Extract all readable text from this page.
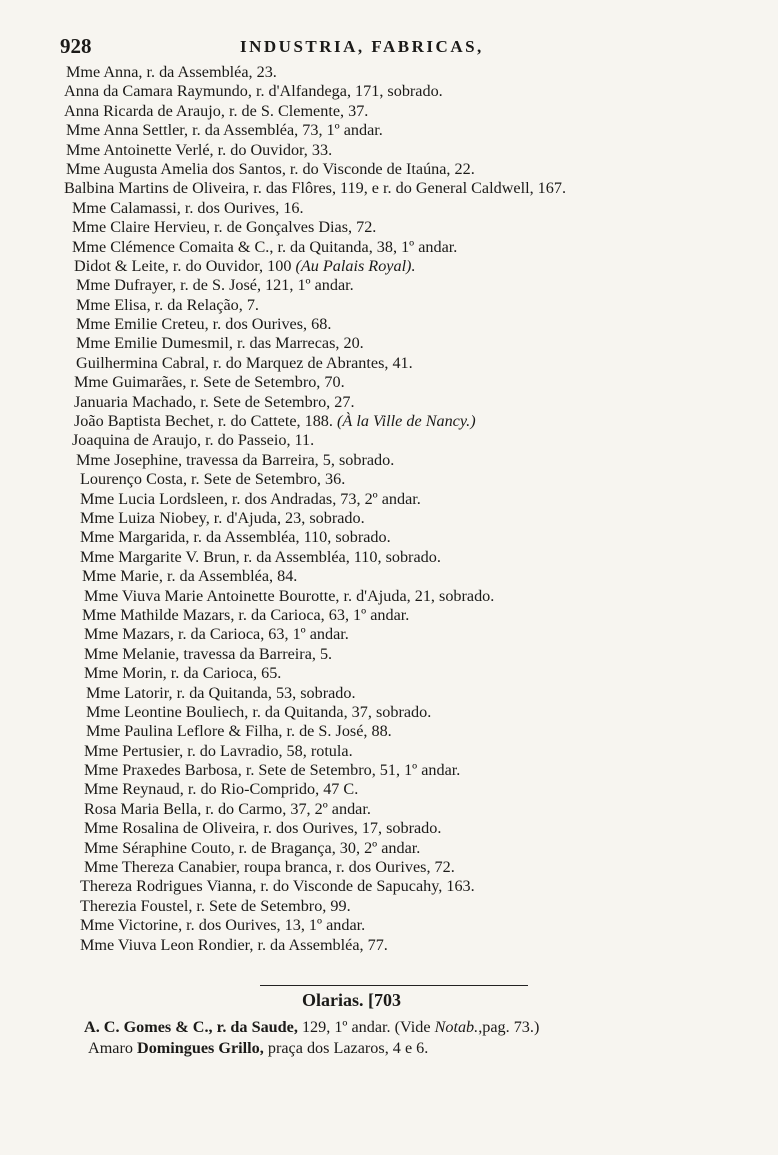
928	INDUSTRIA, FABRICAS,
Mme Anna, r. da Assembléa, 23.
Anna da Camara Raymundo, r. d'Alfandega, 171, sobrado.
Anna Ricarda de Araujo, r. de S. Clemente, 37.
Mme Anna Settler, r. da Assembléa, 73, 1º andar.
Mme Antoinette Verlé, r. do Ouvidor, 33.
Mme Augusta Amelia dos Santos, r. do Visconde de Itaúna, 22.
Balbina Martins de Oliveira, r. das Flôres, 119, e r. do General Caldwell, 167.
Mme Calamassi, r. dos Ourives, 16.
Mme Claire Hervieu, r. de Gonçalves Dias, 72.
Mme Clémence Comaita & C., r. da Quitanda, 38, 1º andar.
Didot & Leite, r. do Ouvidor, 100 (Au Palais Royal).
Mme Dufrayer, r. de S. José, 121, 1º andar.
Mme Elisa, r. da Relação, 7.
Mme Emilie Creteu, r. dos Ourives, 68.
Mme Emilie Dumesmil, r. das Marrecas, 20.
Guilhermina Cabral, r. do Marquez de Abrantes, 41.
Mme Guimarães, r. Sete de Setembro, 70.
Januaria Machado, r. Sete de Setembro, 27.
João Baptista Bechet, r. do Cattete, 188. (À la Ville de Nancy.)
Joaquina de Araujo, r. do Passeio, 11.
Mme Josephine, travessa da Barreira, 5, sobrado.
Lourenço Costa, r. Sete de Setembro, 36.
Mme Lucia Lordsleen, r. dos Andradas, 73, 2º andar.
Mme Luiza Niobey, r. d'Ajuda, 23, sobrado.
Mme Margarida, r. da Assembléa, 110, sobrado.
Mme Margarite V. Brun, r. da Assembléa, 110, sobrado.
Mme Marie, r. da Assembléa, 84.
Mme Viuva Marie Antoinette Bourotte, r. d'Ajuda, 21, sobrado.
Mme Mathilde Mazars, r. da Carioca, 63, 1º andar.
Mme Mazars, r. da Carioca, 63, 1º andar.
Mme Melanie, travessa da Barreira, 5.
Mme Morin, r. da Carioca, 65.
Mme Latorir, r. da Quitanda, 53, sobrado.
Mme Leontine Bouliech, r. da Quitanda, 37, sobrado.
Mme Paulina Leflore & Filha, r. de S. José, 88.
Mme Pertusier, r. do Lavradio, 58, rotula.
Mme Praxedes Barbosa, r. Sete de Setembro, 51, 1º andar.
Mme Reynaud, r. do Rio-Comprido, 47 C.
Rosa Maria Bella, r. do Carmo, 37, 2º andar.
Mme Rosalina de Oliveira, r. dos Ourives, 17, sobrado.
Mme Séraphine Couto, r. de Bragança, 30, 2º andar.
Mme Thereza Canabier, roupa branca, r. dos Ourives, 72.
Thereza Rodrigues Vianna, r. do Visconde de Sapucahy, 163.
Therezia Foustel, r. Sete de Setembro, 99.
Mme Victorine, r. dos Ourives, 13, 1º andar.
Mme Viuva Leon Rondier, r. da Assembléa, 77.
Olarias. [703
A. C. Gomes & C., r. da Saude, 129, 1º andar. (Vide Notab.,pag. 73.)
Amaro Domingues Grillo, praça dos Lazaros, 4 e 6.
